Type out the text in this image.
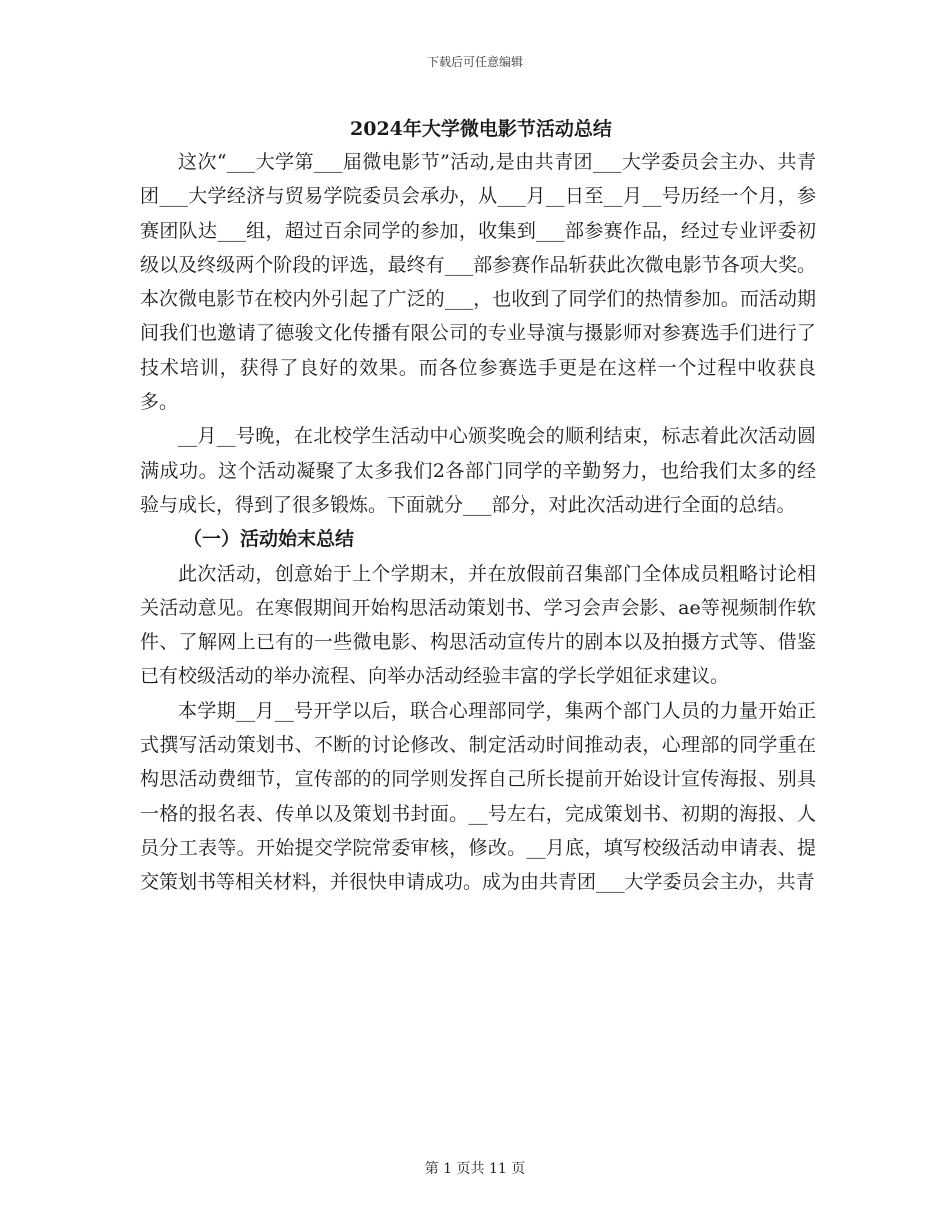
下载后可任意编辑
2024年大学微电影节活动总结

这次“___大学第___届微电影节”活动,是由共青团___大学委员会主办、共青团___大学经济与贸易学院委员会承办，从___月__日至__月__号历经一个月，参赛团队达___组，超过百余同学的参加，收集到___部参赛作品，经过专业评委初级以及终级两个阶段的评选，最终有___部参赛作品斩获此次微电影节各项大奖。本次微电影节在校内外引起了广泛的___，也收到了同学们的热情参加。而活动期间我们也邀请了德骏文化传播有限公司的专业导演与摄影师对参赛选手们进行了技术培训，获得了良好的效果。而各位参赛选手更是在这样一个过程中收获良多。

__月__号晚，在北校学生活动中心颁奖晚会的顺利结束，标志着此次活动圆满成功。这个活动凝聚了太多我们2各部门同学的辛勤努力，也给我们太多的经验与成长，得到了很多锻炼。下面就分___部分，对此次活动进行全面的总结。

（一）活动始末总结

此次活动，创意始于上个学期末，并在放假前召集部门全体成员粗略讨论相关活动意见。在寒假期间开始构思活动策划书、学习会声会影、ae等视频制作软件、了解网上已有的一些微电影、构思活动宣传片的剧本以及拍摄方式等、借鉴已有校级活动的举办流程、向举办活动经验丰富的学长学姐征求建议。

本学期__月__号开学以后，联合心理部同学，集两个部门人员的力量开始正式撰写活动策划书、不断的讨论修改、制定活动时间推动表，心理部的同学重在构思活动费细节，宣传部的的同学则发挥自己所长提前开始设计宣传海报、别具一格的报名表、传单以及策划书封面。__号左右，完成策划书、初期的海报、人员分工表等。开始提交学院常委审核，修改。__月底，填写校级活动申请表、提交策划书等相关材料，并很快申请成功。成为由共青团___大学委员会主办，共青

第 1 页共 11 页
